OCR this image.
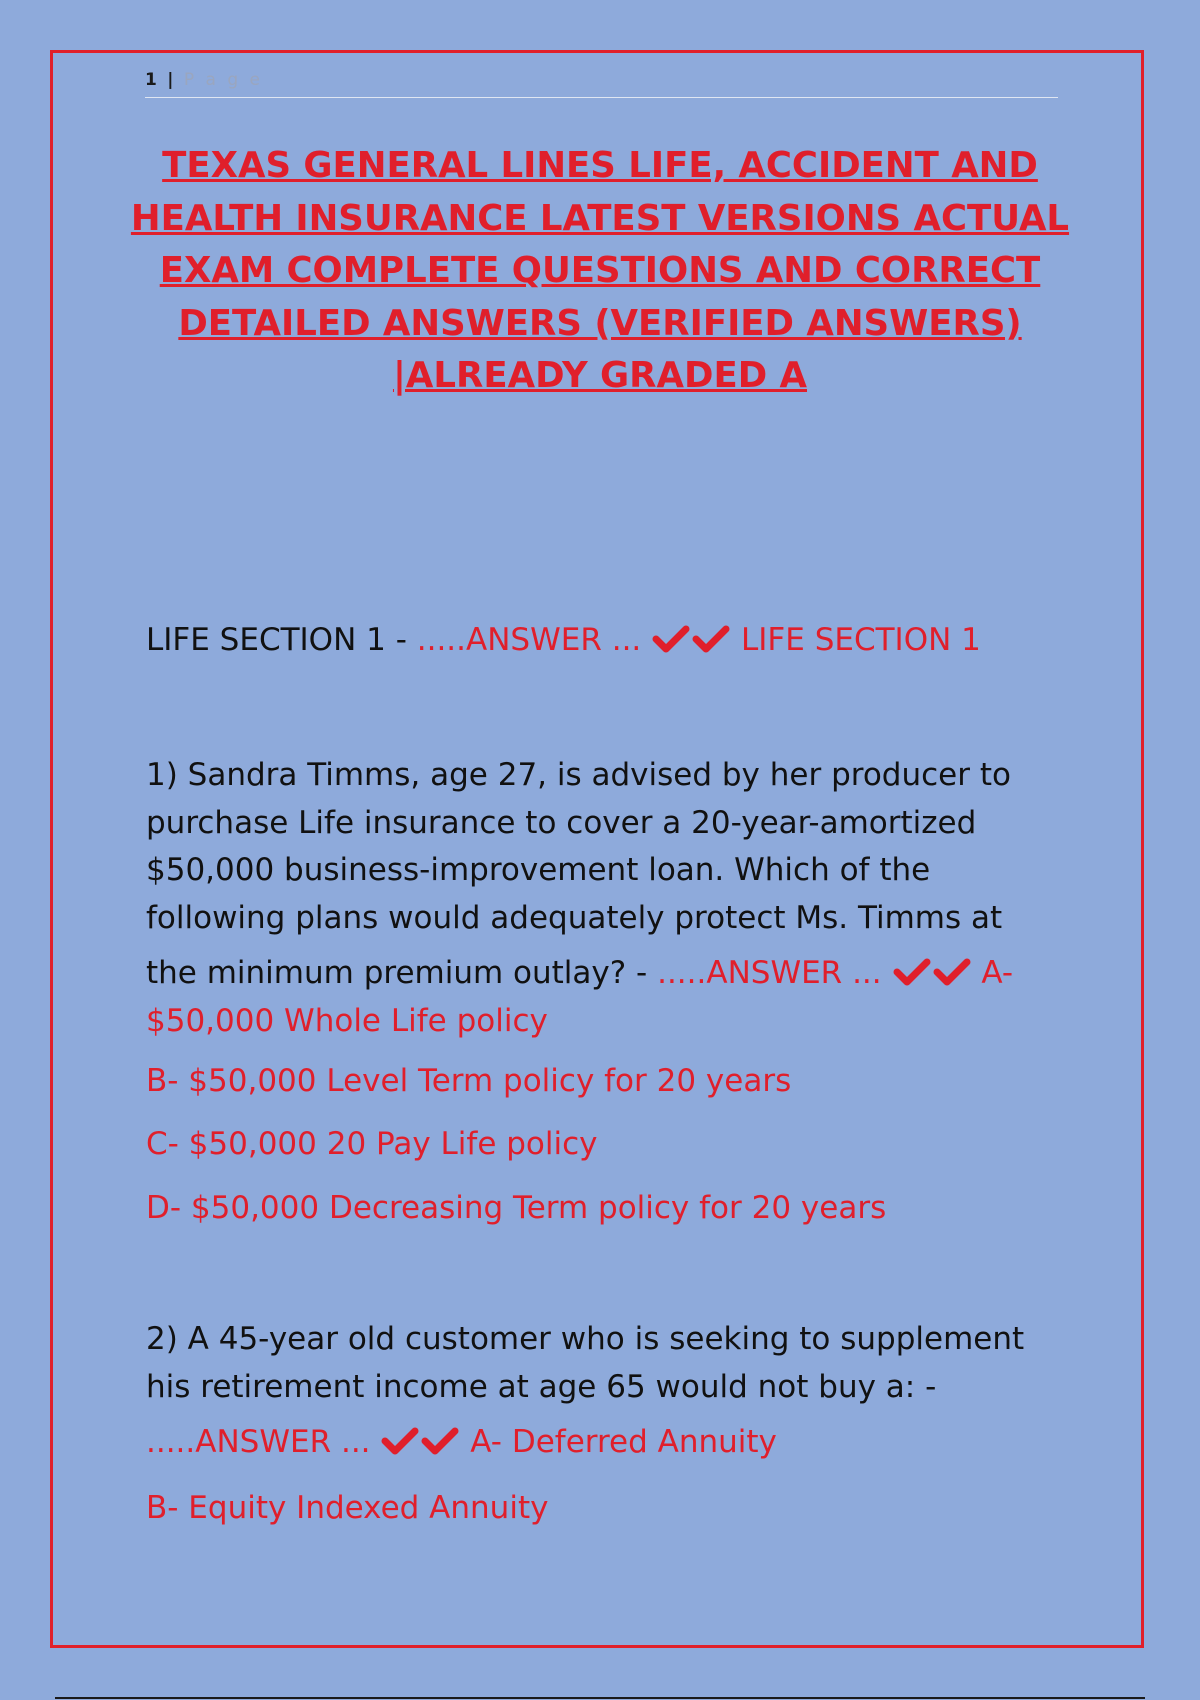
1 | P a g e
TEXAS GENERAL LINES LIFE, ACCIDENT AND
HEALTH INSURANCE LATEST VERSIONS ACTUAL
EXAM COMPLETE QUESTIONS AND CORRECT
DETAILED ANSWERS (VERIFIED ANSWERS)
|ALREADY GRADED A
LIFE SECTION 1 - .....ANSWER ...	LIFE SECTION 1
1) Sandra Timms, age 27, is advised by her producer to
purchase Life insurance to cover a 20-year-amortized
$50,000 business-improvement loan. Which of the
following plans would adequately protect Ms. Timms at
the minimum premium outlay? - .....ANSWER ...	A-
$50,000 Whole Life policy
B- $50,000 Level Term policy for 20 years
C- $50,000 20 Pay Life policy
D- $50,000 Decreasing Term policy for 20 years
2) A 45-year old customer who is seeking to supplement
his retirement income at age 65 would not buy a: -
.....ANSWER ...	A- Deferred Annuity
B- Equity Indexed Annuity
